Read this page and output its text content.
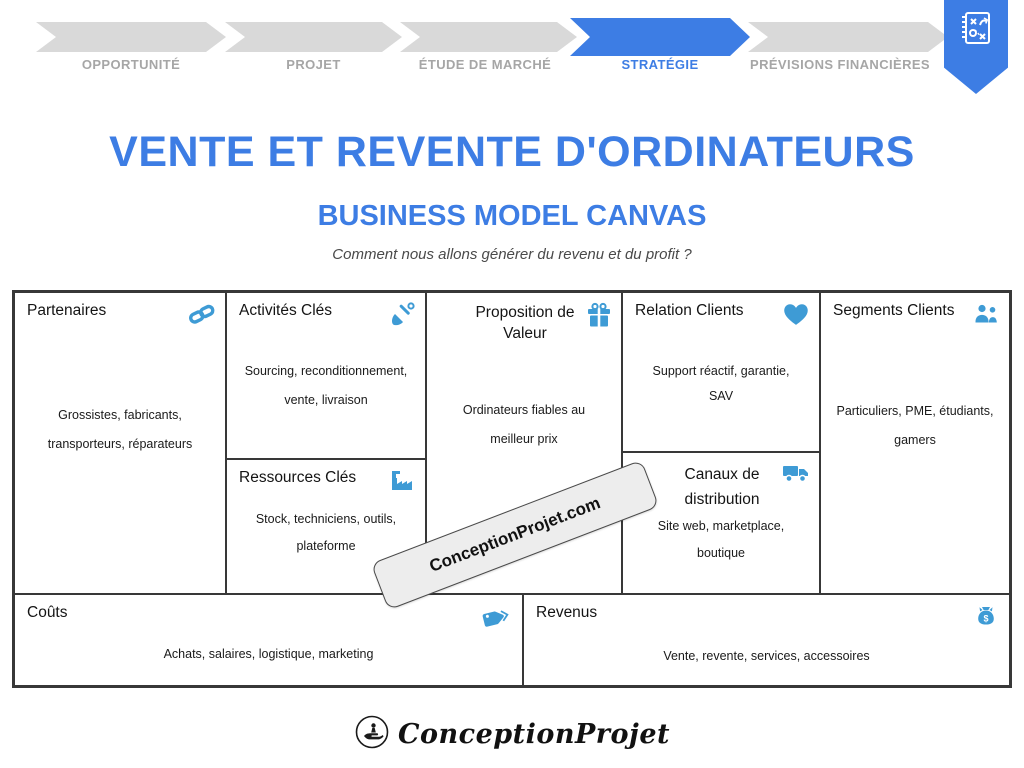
OPPORTUNITÉ	PROJET	ÉTUDE DE MARCHÉ	STRATÉGIE	PRÉVISIONS FINANCIÈRES
VENTE ET REVENTE D'ORDINATEURS
BUSINESS MODEL CANVAS
Comment nous allons générer du revenu et du profit ?
Partenaires
Grossistes, fabricants,
transporteurs, réparateurs
Activités Clés
Sourcing, reconditionnement,
vente, livraison
Ressources Clés
Stock, techniciens, outils,
plateforme
Proposition de Valeur
Ordinateurs fiables au
meilleur prix
Relation Clients
Support réactif, garantie,
SAV
Canaux de distribution
Site web, marketplace,
boutique
Segments Clients
Particuliers, PME, étudiants,
gamers
Coûts
Achats, salaires, logistique, marketing
Revenus	$
Vente, revente, services, accessoires
ConceptionProjet.com
ConceptionProjet
